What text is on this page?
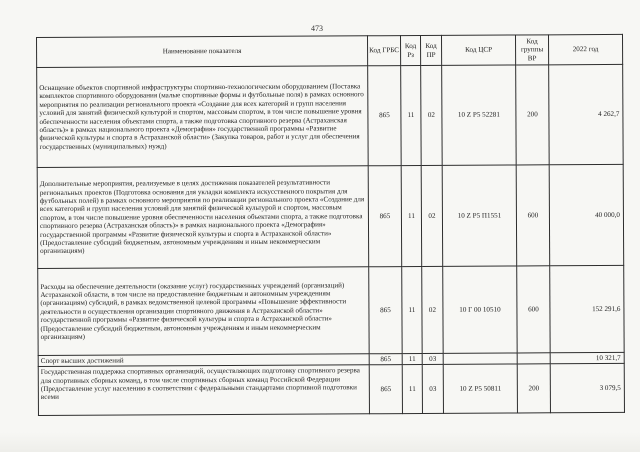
473
Наименование показателя	Код ГРБС	Код Рз	Код ПР	Код ЦСР	Код группы ВР	2022 год
Оснащение объектов спортивной инфраструктуры спортивно-технологическим оборудованием (Поставка комплектов спортивного оборудования (малые спортивные формы и футбольные поля) в рамках основного мероприятия по реализации регионального проекта «Создание для всех категорий и групп населения условий для занятий физической культурой и спортом, массовым спортом, в том числе повышение уровня обеспеченности населения объектами спорта, а также подготовка спортивного резерва (Астраханская область)» в рамках национального проекта «Демография» государственной программы «Развитие физической культуры и спорта в Астраханской области» (Закупка товаров, работ и услуг для обеспечения государственных (муниципальных) нужд)	865	11	02	10 Z P5 52281	200	4 262,7
Дополнительные мероприятия, реализуемые в целях достижения показателей результативности региональных проектов (Подготовка основания для укладки комплекта искусственного покрытия для футбольных полей) в рамках основного мероприятия по реализации регионального проекта «Создание для всех категорий и групп населения условий для занятий физической культурой и спортом, массовым спортом, в том числе повышение уровня обеспеченности населения объектами спорта, а также подготовка спортивного резерва (Астраханская область)» в рамках национального проекта «Демография» государственной программы «Развитие физической культуры и спорта в Астраханской области» (Предоставление субсидий бюджетным, автономным учреждениям и иным некоммерческим организациям)	865	11	02	10 Z P5 П1551	600	40 000,0
Расходы на обеспечение деятельности (оказание услуг) государственных учреждений (организаций) Астраханской области, в том числе на предоставление бюджетным и автономным учреждениям (организациям) субсидий, в рамках ведомственной целевой программы «Повышение эффективности деятельности в осуществления организации спортивного движения в Астраханской области» государственной программы «Развитие физической культуры и спорта в Астраханской области» (Предоставление субсидий бюджетным, автономным учреждениям и иным некоммерческим организациям)	865	11	02	10 Г 00 10510	600	152 291,6
Спорт высших достижений	865	11	03			10 321,7
Государственная поддержка спортивных организаций, осуществляющих подготовку спортивного резерва для спортивных сборных команд, в том числе спортивных сборных команд Российской Федерации (Предоставление услуг населению в соответствии с федеральными стандартами спортивной подготовки всеми	865	11	03	10 Z P5 50811	200	3 079,5
